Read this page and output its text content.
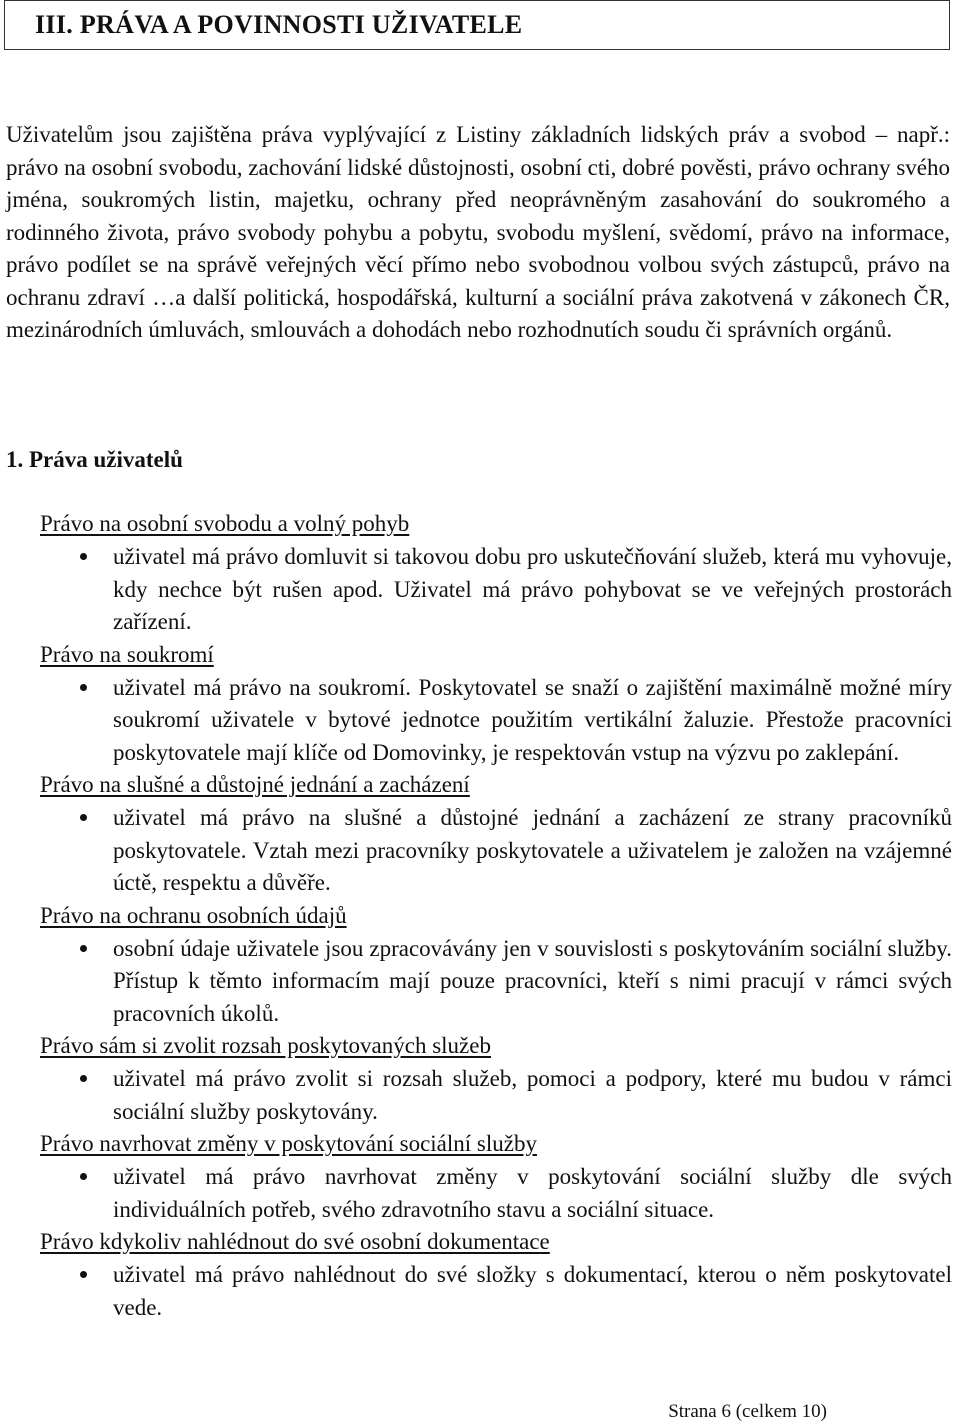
III. PRÁVA A POVINNOSTI UŽIVATELE

Uživatelům jsou zajištěna práva vyplývající z Listiny základních lidských práv a svobod – např.: právo na osobní svobodu, zachování lidské důstojnosti, osobní cti, dobré pověsti, právo ochrany svého jména, soukromých listin, majetku, ochrany před neoprávněným zasahování do soukromého a rodinného života, právo svobody pohybu a pobytu, svobodu myšlení, svědomí, právo na informace, právo podílet se na správě veřejných věcí přímo nebo svobodnou volbou svých zástupců, právo na ochranu zdraví …a další politická, hospodářská, kulturní a sociální práva zakotvená v zákonech ČR, mezinárodních úmluvách, smlouvách a dohodách nebo rozhodnutích soudu či správních orgánů.

1. Práva uživatelů

Právo na osobní svobodu a volný pohyb

uživatel má právo domluvit si takovou dobu pro uskutečňování služeb, která mu vyhovuje, kdy nechce být rušen apod. Uživatel má právo pohybovat se ve veřejných prostorách zařízení.

Právo na soukromí

uživatel má právo na soukromí. Poskytovatel se snaží o zajištění maximálně možné míry soukromí uživatele v bytové jednotce použitím vertikální žaluzie. Přestože pracovníci poskytovatele mají klíče od Domovinky, je respektován vstup na výzvu po zaklepání.

Právo na slušné a důstojné jednání a zacházení

uživatel má právo na slušné a důstojné jednání a zacházení ze strany pracovníků poskytovatele. Vztah mezi pracovníky poskytovatele a uživatelem je založen na vzájemné úctě, respektu a důvěře.

Právo na ochranu osobních údajů

osobní údaje uživatele jsou zpracovávány jen v souvislosti s poskytováním sociální služby. Přístup k těmto informacím mají pouze pracovníci, kteří s nimi pracují v rámci svých pracovních úkolů.

Právo sám si zvolit rozsah poskytovaných služeb

uživatel má právo zvolit si rozsah služeb, pomoci a podpory, které mu budou v rámci sociální služby poskytovány.

Právo navrhovat změny v poskytování sociální služby

uživatel má právo navrhovat změny v poskytování sociální služby dle svých individuálních potřeb, svého zdravotního stavu a sociální situace.

Právo kdykoliv nahlédnout do své osobní dokumentace

uživatel má právo nahlédnout do své složky s dokumentací, kterou o něm poskytovatel vede.
Strana 6 (celkem 10)
